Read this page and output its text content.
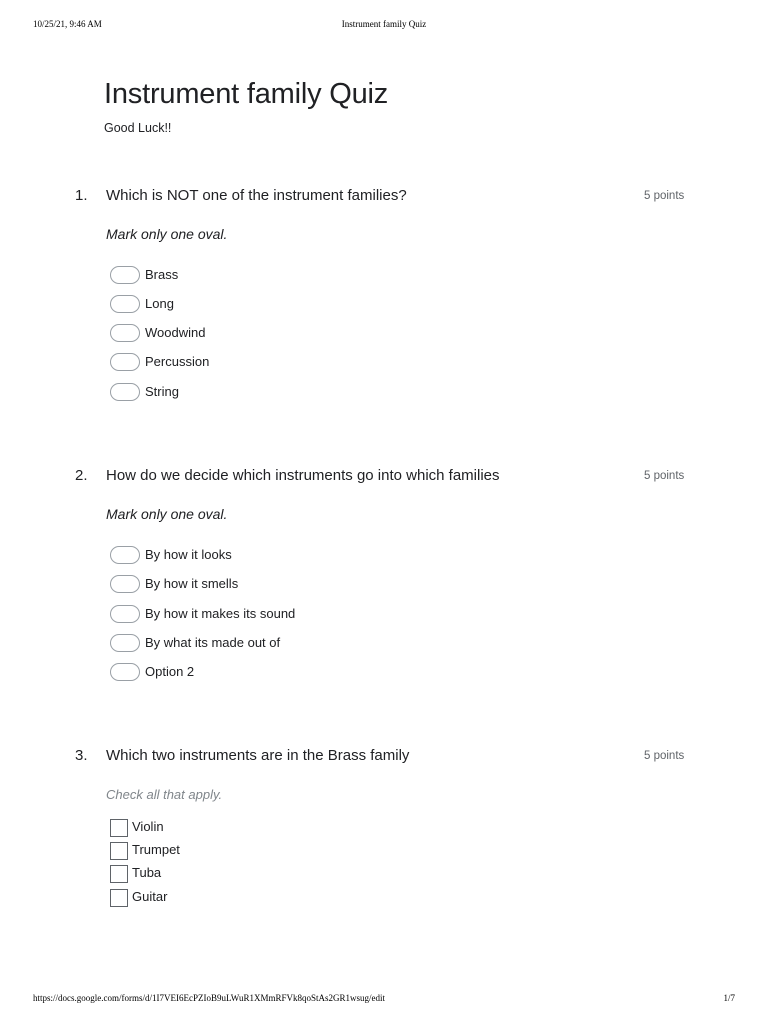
10/25/21, 9:46 AM	Instrument family Quiz
Instrument family Quiz
Good Luck!!
1. Which is NOT one of the instrument families?	5 points
Mark only one oval.
Brass
Long
Woodwind
Percussion
String
2. How do we decide which instruments go into which families	5 points
Mark only one oval.
By how it looks
By how it smells
By how it makes its sound
By what its made out of
Option 2
3. Which two instruments are in the Brass family	5 points
Check all that apply.
Violin
Trumpet
Tuba
Guitar
https://docs.google.com/forms/d/1I7VEI6EcPZIoB9uLWuR1XMmRFVk8qoStAs2GR1wsug/edit	1/7
